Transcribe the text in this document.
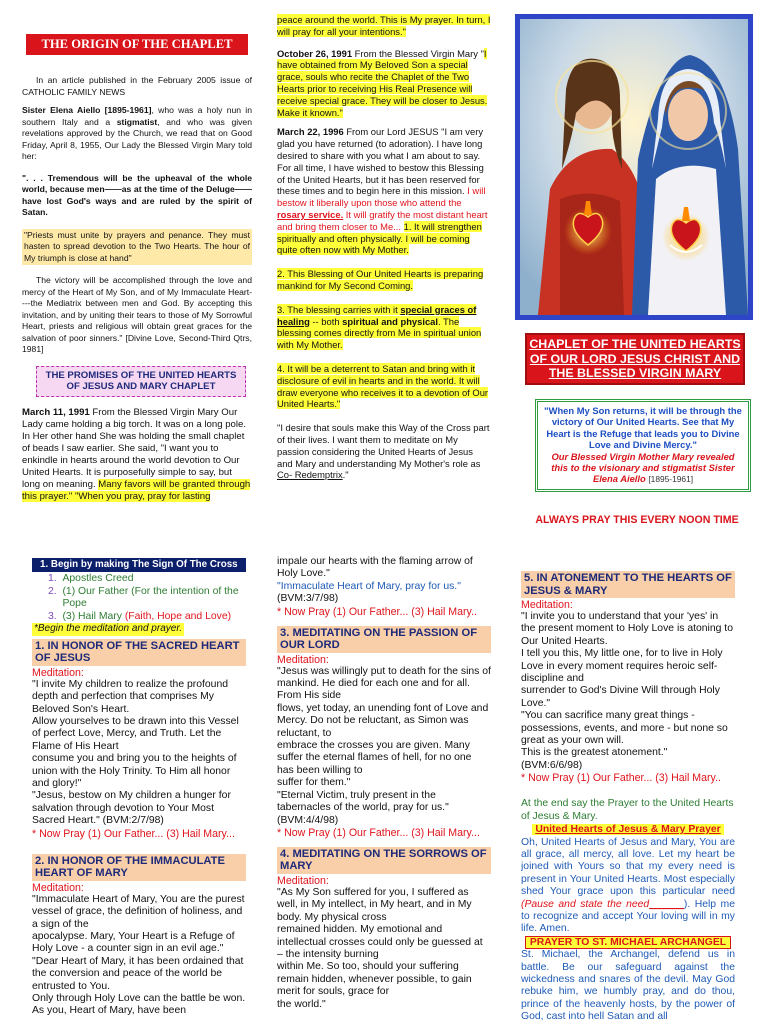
THE ORIGIN OF THE CHAPLET

In an article published in the February 2005 issue of CATHOLIC FAMILY NEWS

Sister Elena Aiello [1895-1961], who was a holy nun in southern Italy and a stigmatist, and who was given revelations approved by the Church, we read that on Good Friday, April 8, 1955, Our Lady the Blessed Virgin Mary told her:

". . . Tremendous will be the upheaval of the whole world, because men——as at the time of the Deluge——have lost God's ways and are ruled by the spirit of Satan.

"Priests must unite by prayers and penance. They must hasten to spread devotion to the Two Hearts. The hour of My triumph is close at hand"

The victory will be accomplished through the love and mercy of the Heart of My Son, and of My Immaculate Heart----the Mediatrix between men and God. By accepting this invitation, and by uniting their tears to those of My Sorrowful Heart, priests and religious will obtain great graces for the salvation of poor sinners." [Divine Love, Second-Third Qtrs, 1981]

THE PROMISES OF THE UNITED HEARTS OF JESUS AND MARY CHAPLET

March 11, 1991 From the Blessed Virgin Mary Our Lady came holding a big torch. It was on a long pole. In Her other hand She was holding the small chaplet of beads I saw earlier. She said, "I want you to enkindle in hearts around the world devotion to Our United Hearts. It is purposefully simple to say, but long on meaning. Many favors will be granted through this prayer." "When you pray, pray for lasting

peace around the world. This is My prayer. In turn, I will pray for all your intentions."

October 26, 1991 From the Blessed Virgin Mary "I have obtained from My Beloved Son a special grace, souls who recite the Chaplet of the Two Hearts prior to receiving His Real Presence will receive special grace. They will be closer to Jesus. Make it known."

March 22, 1996 From our Lord JESUS "I am very glad you have returned (to adoration). I have long desired to share with you what I am about to say. For all time, I have wished to bestow this Blessing of the United Hearts, but it has been reserved for these times and to begin here in this mission. I will bestow it liberally upon those who attend the rosary service. It will gratify the most distant heart and bring them closer to Me... 1. It will strengthen spiritually and often physically. I will be coming quite often now with My Mother.

2. This Blessing of Our United Hearts is preparing mankind for My Second Coming.

3. The blessing carries with it special graces of healing -- both spiritual and physical. The blessing comes directly from Me in spiritual union with My Mother.

4. It will be a deterrent to Satan and bring with it disclosure of evil in hearts and in the world. It will draw everyone who receives it to a devotion of Our United Hearts."

"I desire that souls make this Way of the Cross part of their lives. I want them to meditate on My passion considering the United Hearts of Jesus and Mary and understanding My Mother's role as Co- Redemptrix."

CHAPLET OF THE UNITED HEARTS OF OUR LORD JESUS CHRIST AND THE BLESSED VIRGIN MARY
"When My Son returns, it will be through the victory of Our United Hearts. See that My Heart is the Refuge that leads you to Divine Love and Divine Mercy."
Our Blessed Virgin Mother Mary revealed this to the visionary and stigmatist Sister Elena Aiello [1895-1961]
ALWAYS PRAY THIS EVERY NOON TIME
1. Begin by making The Sign Of The Cross
1. Apostles Creed
2.
(1) Our Father (For the intention of the Pope
3. (3) Hail Mary (Faith, Hope and Love)
*Begin the meditation and prayer.
1. IN HONOR OF THE SACRED HEART OF JESUS
Meditation:
"I invite My children to realize the profound depth and perfection that comprises My Beloved Son's Heart.
Allow yourselves to be drawn into this Vessel of perfect Love, Mercy, and Truth. Let the Flame of His Heart
consume you and bring you to the heights of union with the Holy Trinity. To Him all honor and glory!"
"Jesus, bestow on My children a hunger for salvation through devotion to Your Most Sacred Heart." (BVM:2/7/98)
* Now Pray (1) Our Father... (3) Hail Mary...
2. IN HONOR OF THE IMMACULATE HEART OF MARY
Meditation:
"Immaculate Heart of Mary, You are the purest vessel of grace, the definition of holiness, and a sign of the
apocalypse. Mary, Your Heart is a Refuge of Holy Love - a counter sign in an evil age."
"Dear Heart of Mary, it has been ordained that the conversion and peace of the world be entrusted to You.
Only through Holy Love can the battle be won. As you, Heart of Mary, have been
impale our hearts with the flaming arrow of Holy Love."
"Immaculate Heart of Mary, pray for us."
(BVM:3/7/98)
* Now Pray (1) Our Father... (3) Hail Mary..
3. MEDITATING ON THE PASSION OF OUR LORD
Meditation:
"Jesus was willingly put to death for the sins of mankind. He died for each one and for all. From His side
flows, yet today, an unending font of Love and Mercy. Do not be reluctant, as Simon was reluctant, to
embrace the crosses you are given. Many suffer the eternal flames of hell, for no one has been willing to
suffer for them."
"Eternal Victim, truly present in the tabernacles of the world, pray for us." (BVM:4/4/98)
* Now Pray (1) Our Father... (3) Hail Mary...
4. MEDITATING ON THE SORROWS OF MARY
Meditation:
"As My Son suffered for you, I suffered as well, in My intellect, in My heart, and in My body. My physical cross
remained hidden. My emotional and intellectual crosses could only be guessed at – the intensity burning
within Me. So too, should your suffering remain hidden, whenever possible, to gain merit for souls, grace for
the world."
5. IN ATONEMENT TO THE HEARTS OF JESUS & MARY
Meditation:
"I invite you to understand that your 'yes' in the present moment to Holy Love is atoning to Our United Hearts.
I tell you this, My little one, for to live in Holy Love in every moment requires heroic self-discipline and
surrender to God's Divine Will through Holy Love."
"You can sacrifice many great things - possessions, events, and more - but none so great as your own will.
This is the greatest atonement."
(BVM:6/6/98)
* Now Pray (1) Our Father... (3) Hail Mary..
At the end say the Prayer to the United Hearts of Jesus & Mary.
United Hearts of Jesus & Mary Prayer
Oh, United Hearts of Jesus and Mary, You are all grace, all mercy, all love. Let my heart be joined with Yours so that my every need is present in Your United Hearts. Most especially shed Your grace upon this particular need (Pause and state the need______). Help me to recognize and accept Your loving will in my life. Amen.
PRAYER TO ST. MICHAEL ARCHANGEL
St. Michael, the Archangel, defend us in battle. Be our safeguard against the wickedness and snares of the devil. May God rebuke him, we humbly pray, and do thou, prince of the heavenly hosts, by the power of God, cast into hell Satan and all
